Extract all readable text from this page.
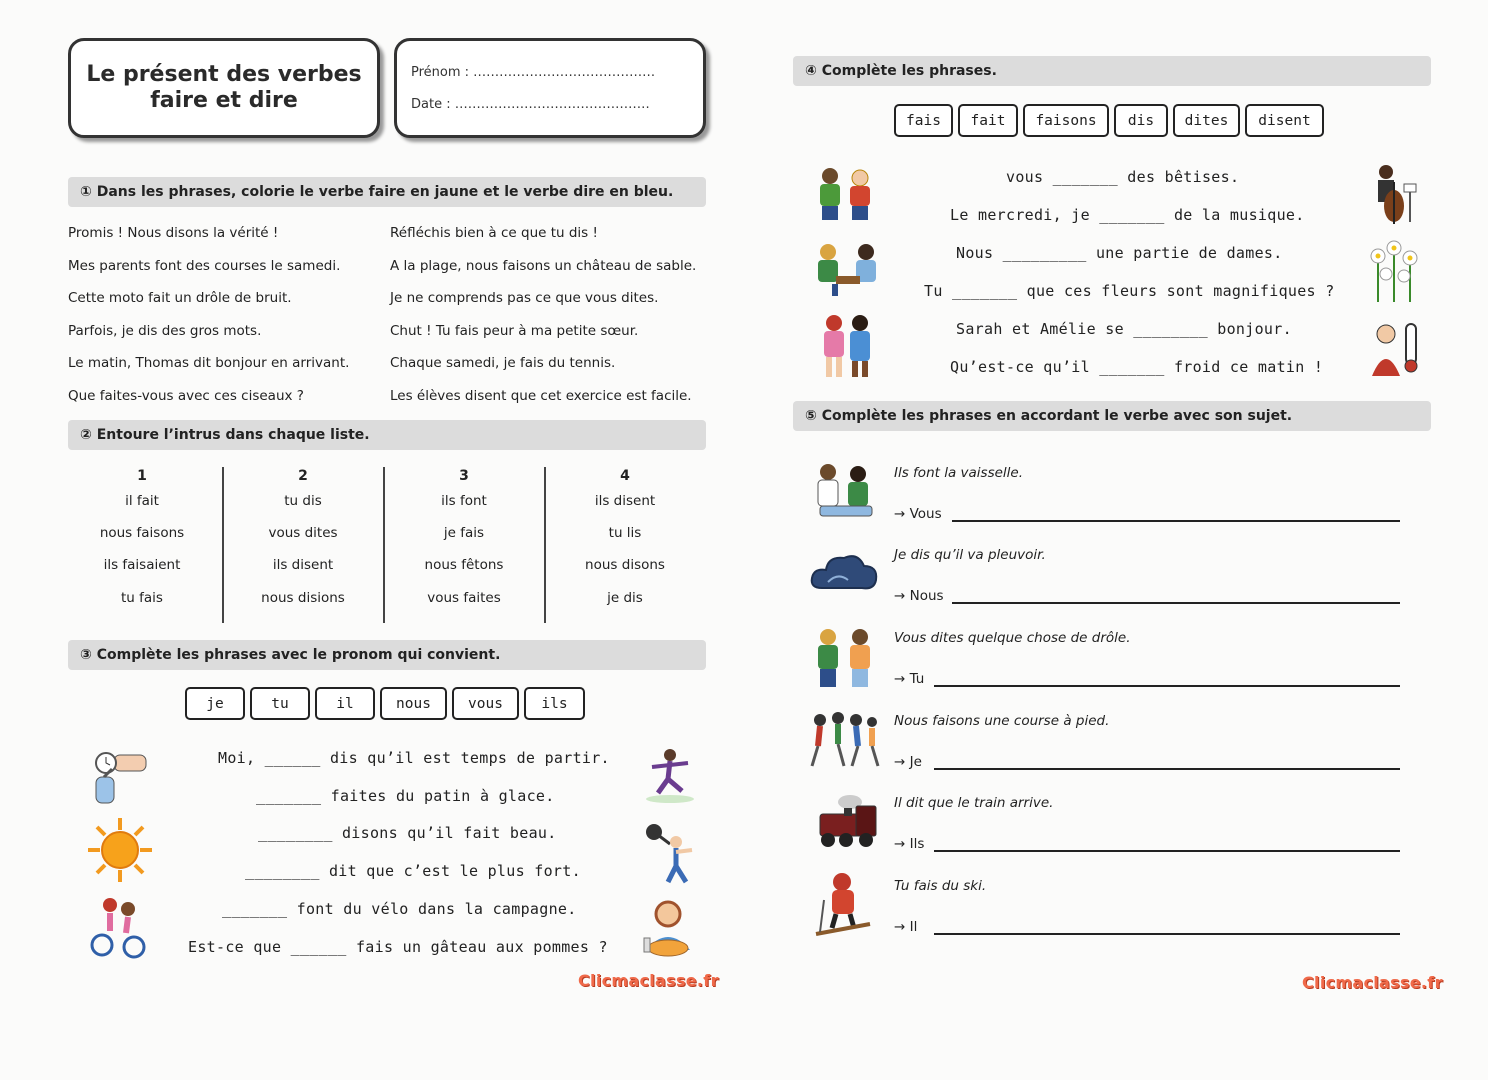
Le présent des verbes
faire et dire
Prénom : ……………………………………
Date : ………………………………………
① Dans les phrases, colorie le verbe faire en jaune et le verbe dire en bleu.
Promis ! Nous disons la vérité !
Mes parents font des courses le samedi.
Cette moto fait un drôle de bruit.
Parfois, je dis des gros mots.
Le matin, Thomas dit bonjour en arrivant.
Que faites-vous avec ces ciseaux ?
Réfléchis bien à ce que tu dis !
A la plage, nous faisons un château de sable.
Je ne comprends pas ce que vous dites.
Chut ! Tu fais peur à ma petite sœur.
Chaque samedi, je fais du tennis.
Les élèves disent que cet exercice est facile.
② Entoure l’intrus dans chaque liste.
1
il fait
nous faisons
ils faisaient
tu fais
2
tu dis
vous dites
ils disent
nous disions
3
ils font
je fais
nous fêtons
vous faites
4
ils disent
tu lis
nous disons
je dis
③ Complète les phrases avec le pronom qui convient.
je	tu	il	nous	vous	ils
Moi, ______ dis qu’il est temps de partir.
_______ faites du patin à glace.
________ disons qu’il fait beau.
________ dit que c’est le plus fort.
_______ font du vélo dans la campagne.
Est-ce que ______ fais un gâteau aux pommes ?
Clicmaclasse.fr
④ Complète les phrases.
fais	fait	faisons	dis	dites	disent
vous _______ des bêtises.
Le mercredi, je _______ de la musique.
Nous _________ une partie de dames.
Tu _______ que ces fleurs sont magnifiques ?
Sarah et Amélie se ________ bonjour.
Qu’est-ce qu’il _______ froid ce matin !
⑤ Complète les phrases en accordant le verbe avec son sujet.
Ils font la vaisselle.
→ Vous
Je dis qu’il va pleuvoir.
→ Nous
Vous dites quelque chose de drôle.
→ Tu
Nous faisons une course à pied.
→ Je
Il dit que le train arrive.
→ Ils
Tu fais du ski.
→ Il
Clicmaclasse.fr
